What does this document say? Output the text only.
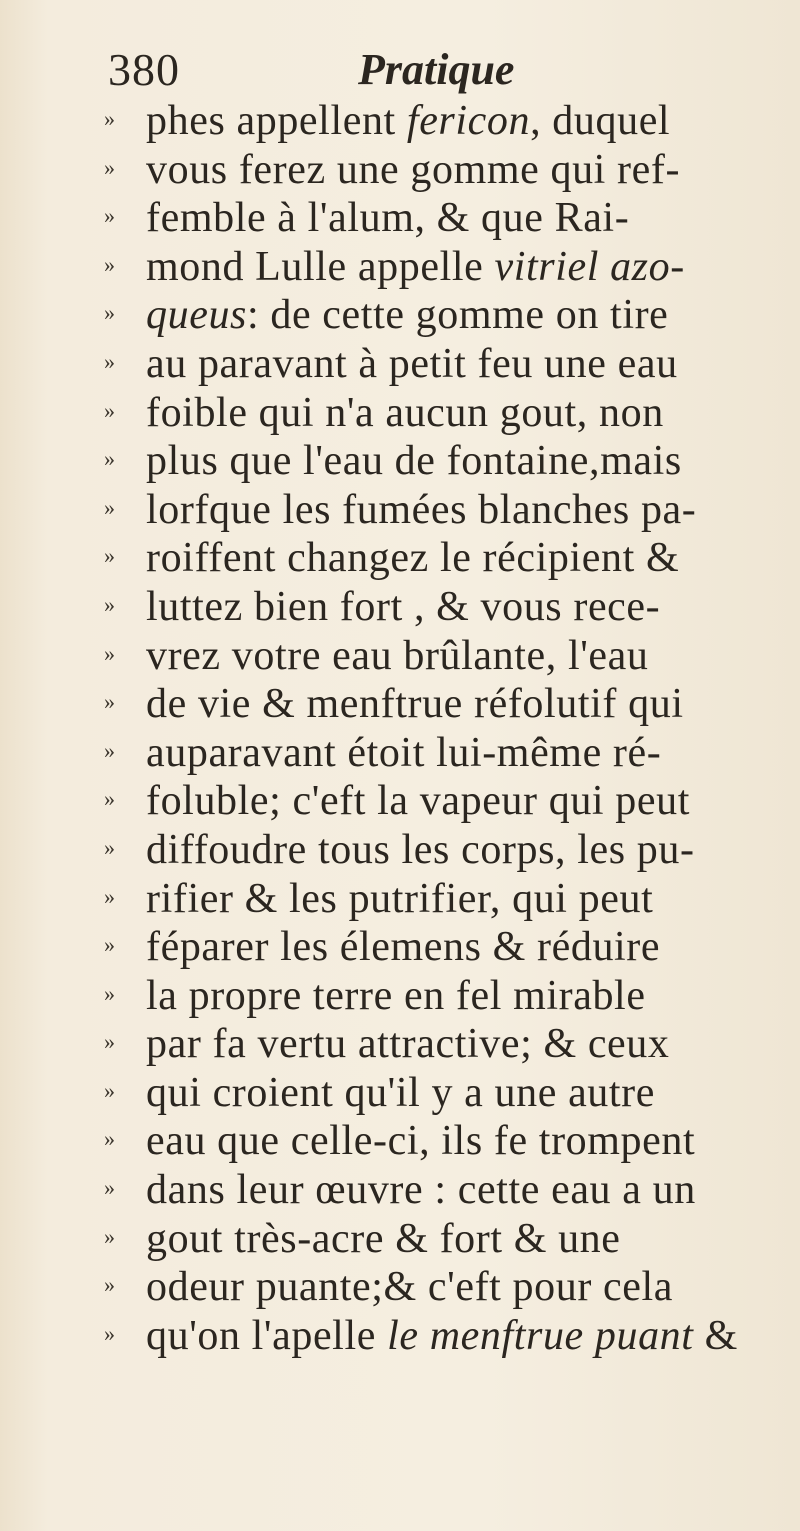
380	Pratique
» phes appellent fericon, duquel
» vous ferez une gomme qui ref-
» femble à l'alum, & que Rai-
» mond Lulle appelle vitriel azo-
» queus: de cette gomme on tire
» au paravant à petit feu une eau
» foible qui n'a aucun gout, non
» plus que l'eau de fontaine,mais
» lorfque les fumées blanches pa-
» roiffent changez le récipient &
» luttez bien fort , & vous rece-
» vrez votre eau brûlante, l'eau
» de vie & menftrue réfolutif qui
» auparavant étoit lui-même ré-
» foluble; c'eft la vapeur qui peut
» diffoudre tous les corps, les pu-
» rifier & les putrifier, qui peut
» féparer les élemens & réduire
» la propre terre en fel mirable
» par fa vertu attractive; & ceux
» qui croient qu'il y a une autre
» eau que celle-ci, ils fe trompent
» dans leur œuvre : cette eau a un
» gout très-acre & fort & une
» odeur puante;& c'eft pour cela
» qu'on l'apelle le menftrue puant &
